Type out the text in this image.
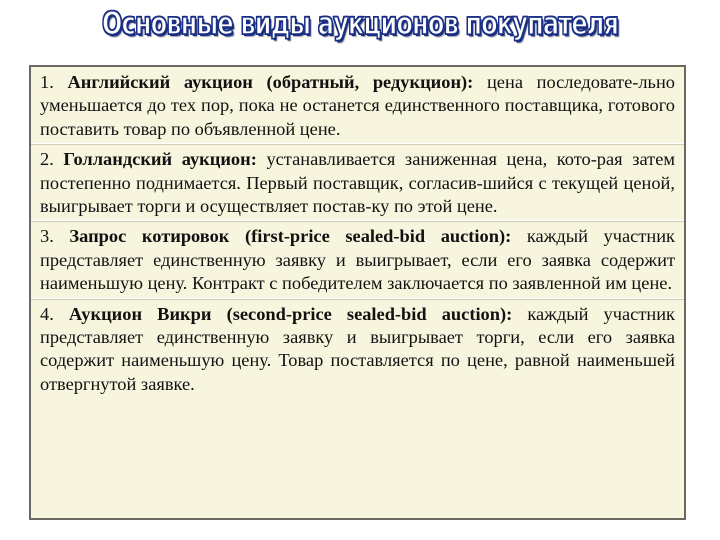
Основные виды аукционов покупателя
1. Английский аукцион (обратный, редукцион): цена последовате-льно уменьшается до тех пор, пока не останется единственного поставщика, готового поставить товар по объявленной цене.
2. Голландский аукцион: устанавливается заниженная цена, кото-рая затем постепенно поднимается. Первый поставщик, согласив-шийся с текущей ценой, выигрывает торги и осуществляет постав-ку по этой цене.
3. Запрос котировок (first-price sealed-bid auction): каждый участник представляет единственную заявку и выигрывает, если его заявка содержит наименьшую цену. Контракт с победителем заключается по заявленной им цене.
4. Аукцион Викри (second-price sealed-bid auction): каждый участник представляет единственную заявку и выигрывает торги, если его заявка содержит наименьшую цену. Товар поставляется по цене, равной наименьшей отвергнутой заявке.
